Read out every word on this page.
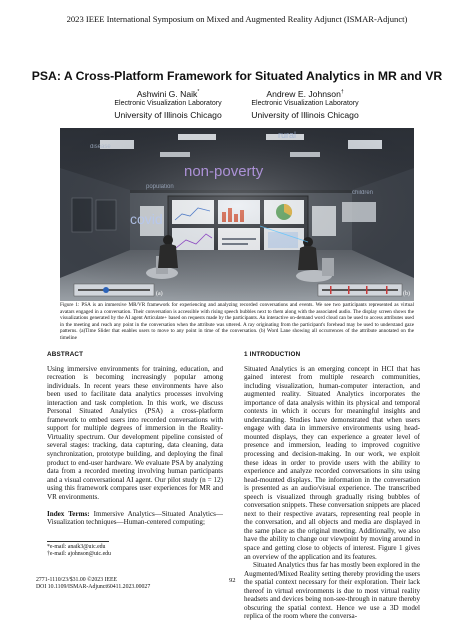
2023 IEEE International Symposium on Mixed and Augmented Reality Adjunct (ISMAR-Adjunct)
PSA: A Cross-Platform Framework for Situated Analytics in MR and VR
Ashwini G. Naik*
Electronic Visualization Laboratory
University of Illinois Chicago
Andrew E. Johnson†
Electronic Visualization Laboratory
University of Illinois Chicago
non-poverty
rural
covid
disease
children
population
(a)	(b)

Figure 1: PSA is an immersive MR/VR framework for experiencing and analyzing recorded conversations and events. We see two participants represented as virtual avatars engaged in a conversation. Their conversation is accessible with rising speech bubbles next to them along with the associated audio. The display screen shows the visualizations generated by the AI agent Articulate+ based on requests made by the participants. An interactive on-demand word cloud can be used to access attributes used in the meeting and reach any point in the conversation when the attribute was uttered. A ray originating from the participant's forehead may be used to understand gaze patterns. (a)Time Slider that enables users to move to any point in time of the conversation. (b) Word Lane showing all occurrences of the attribute annotated on the timeline

ABSTRACT

Using immersive environments for training, education, and recreation is becoming increasingly popular among individuals. In recent years these environments have also been used to facilitate data analytics processes involving interaction and task completion. In this work, we discuss Personal Situated Analytics (PSA) a cross-platform framework to embed users into recorded conversations with support for multiple degrees of immersion in the Reality-Virtuality spectrum. Our development pipeline consisted of several stages: tracking, data capturing, data cleaning, data synchronization, prototype building, and deploying the final product to end-user hardware. We evaluate PSA by analyzing data from a recorded meeting involving human participants and a visual conversational AI agent. Our pilot study (n = 12) using this framework compares user experiences for MR and VR environments.

Index Terms: Immersive Analytics—Situated Analytics—Visualization techniques—Human-centered computing;

*e-mail: anaik3@uic.edu
†e-mail: ajohnson@uic.edu
1 INTRODUCTION

Situated Analytics is an emerging concept in HCI that has gained interest from multiple research communities, including visualization, human-computer interaction, and augmented reality. Situated Analytics incorporates the importance of data analysis within its physical and temporal contexts in which it occurs for meaningful insights and understanding. Studies have demonstrated that when users engage with data in immersive environments using head-mounted displays, they can experience a greater level of presence and immersion, leading to improved cognitive processing and decision-making. In our work, we exploit these ideas in order to provide users with the ability to experience and analyze recorded conversations in situ using head-mounted displays. The information in the conversation is presented as an audio/visual experience. The transcribed speech is visualized through gradually rising bubbles of conversation snippets. These conversation snippets are placed next to their respective avatars, representing real people in the conversation, and all objects and media are displayed in the same place as the original meeting. Additionally, we also have the ability to change our viewpoint by moving around in space and getting close to objects of interest. Figure 1 gives an overview of the application and its features.

Situated Analytics thus far has mostly been explored in the Augmented/Mixed Reality setting thereby providing the users the spatial context necessary for their exploration. Their lack thereof in virtual environments is due to most virtual reality headsets and devices being non-see-through in nature thereby obscuring the spatial context. Hence we use a 3D model replica of the room where the conversa-

2771-1110/23/$31.00 ©2023 IEEE
DOI 10.1109/ISMAR-Adjunct60411.2023.00027
92
